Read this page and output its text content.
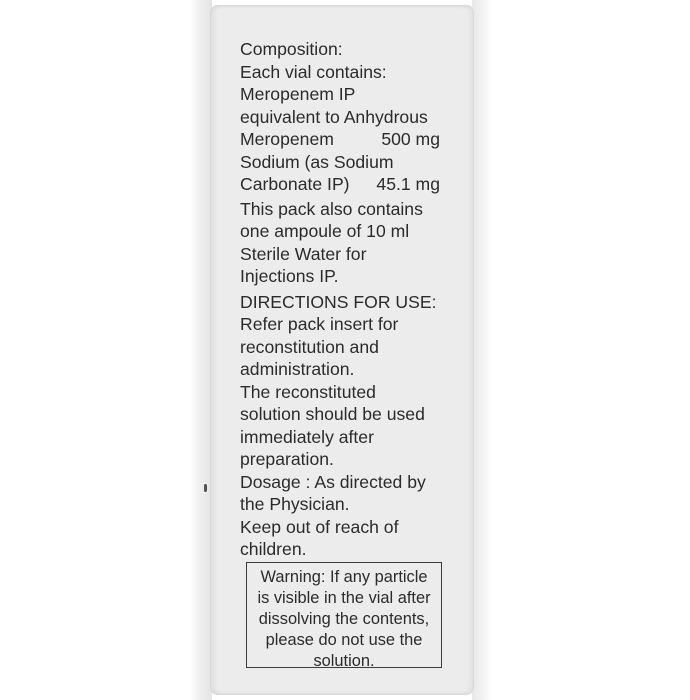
Composition:
Each vial contains:
Meropenem IP
equivalent to Anhydrous
Meropenem	500 mg
Sodium (as Sodium
Carbonate IP) 45.1 mg
This pack also contains
one ampoule of 10 ml
Sterile Water for
Injections IP.
DIRECTIONS FOR USE:
Refer pack insert for
reconstitution and
administration.
The reconstituted
solution should be used
immediately after
preparation.
Dosage : As directed by
the Physician.
Keep out of reach of
children.
Warning: If any particle
is visible in the vial after
dissolving the contents,
please do not use the
solution.
